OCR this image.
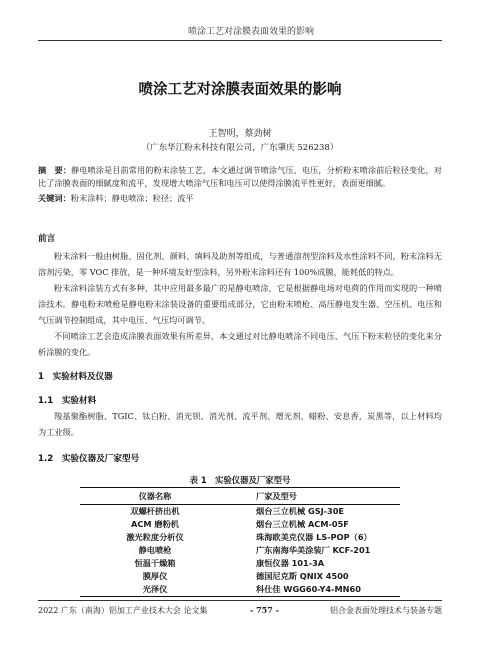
喷涂工艺对涂膜表面效果的影响
喷涂工艺对涂膜表面效果的影响
王智明，蔡劲树
（广东华江粉末科技有限公司，广东肇庆 526238）
摘　要：静电喷涂是目前常用的粉末涂装工艺，本文通过调节喷涂气压、电压，分析粉末喷涂前后粒径变化，对比了涂膜表面的细腻度和流平，发现增大喷涂气压和电压可以使得涂膜流平性更好，表面更细腻。
关键词：粉末涂料；静电喷涂；粒径；流平
前言
粉末涂料一般由树脂、固化剂、颜料、填料及助剂等组成，与普通溶剂型涂料及水性涂料不同，粉末涂料无溶剂污染，零 VOC 排放，是一种环境友好型涂料，另外粉末涂料还有 100%成膜，能耗低的特点。
粉末涂料涂装方式有多种，其中应用最多最广的是静电喷涂，它是根据静电场对电荷的作用而实现的一种喷涂技术。静电粉末喷枪是静电粉末涂装设备的重要组成部分，它由粉末喷枪、高压静电发生器、空压机、电压和气压调节控制组成，其中电压、气压均可调节。
不同喷涂工艺会造成涂膜表面效果有所差异，本文通过对比静电喷涂不同电压、气压下粉末粒径的变化来分析涂膜的变化。
1　实验材料及仪器
1.1　实验材料
羧基聚酯树脂、TGIC、钛白粉、消光钡、消光剂、流平剂、增光剂、蜡粉、安息香，炭黑等，以上材料均为工业级。
1.2　实验仪器及厂家型号
表 1　实验仪器及厂家型号
仪器名称	厂家及型号
双螺杆挤出机	烟台三立机械 GSJ-30E
ACM 磨粉机	烟台三立机械 ACM-05F
激光粒度分析仪	珠海欧美克仪器 LS-POP（6）
静电喷枪	广东南海华美涂装厂 KCF-201
恒温干燥箱	康恒仪器 101-3A
膜厚仪	德国尼克斯 QNIX 4500
光泽仪	科仕佳 WGG60-Y4-MN60
2022 广东（南海）铝加工产业技术大会 论文集	- 757 -	铝合金表面处理技术与装备专题
